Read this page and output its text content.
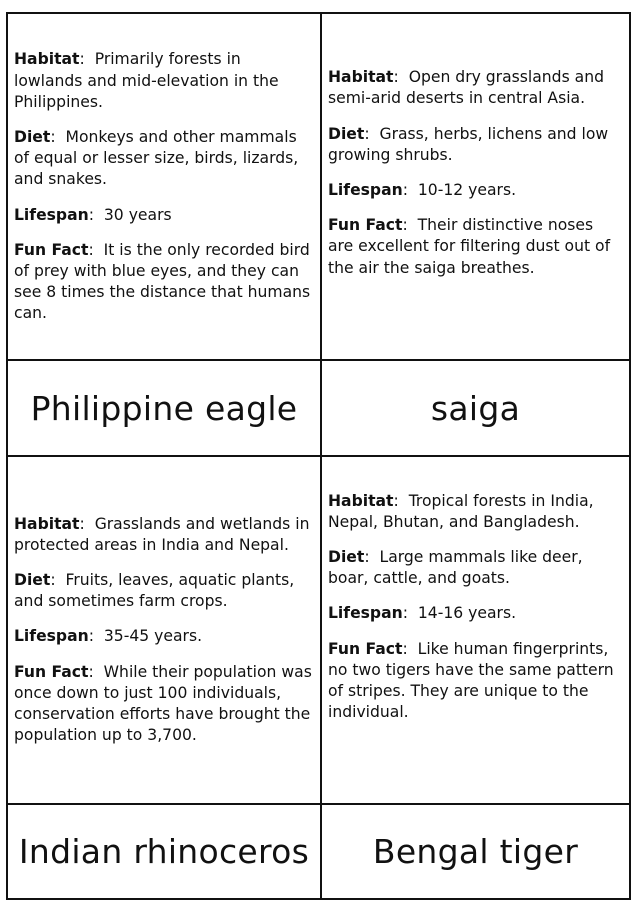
Habitat:  Primarily forests in lowlands and mid-elevation in the Philippines.

Diet:  Monkeys and other mammals of equal or lesser size, birds, lizards, and snakes.

Lifespan:  30 years

Fun Fact:  It is the only recorded bird of prey with blue eyes, and they can see 8 times the distance that humans can.

Habitat:  Open dry grasslands and semi-arid deserts in central Asia.

Diet:  Grass, herbs, lichens and low growing shrubs.

Lifespan:  10-12 years.

Fun Fact:  Their distinctive noses are excellent for filtering dust out of the air the saiga breathes.

Philippine eagle	saiga

Habitat:  Grasslands and wetlands in protected areas in India and Nepal.

Diet:  Fruits, leaves, aquatic plants, and sometimes farm crops.

Lifespan:  35-45 years.

Fun Fact:  While their population was once down to just 100 individuals, conservation efforts have brought the population up to 3,700.

Habitat:  Tropical forests in India, Nepal, Bhutan, and Bangladesh.

Diet:  Large mammals like deer, boar, cattle, and goats.

Lifespan:  14-16 years.

Fun Fact:  Like human fingerprints, no two tigers have the same pattern of stripes. They are unique to the individual.

Indian rhinoceros	Bengal tiger
